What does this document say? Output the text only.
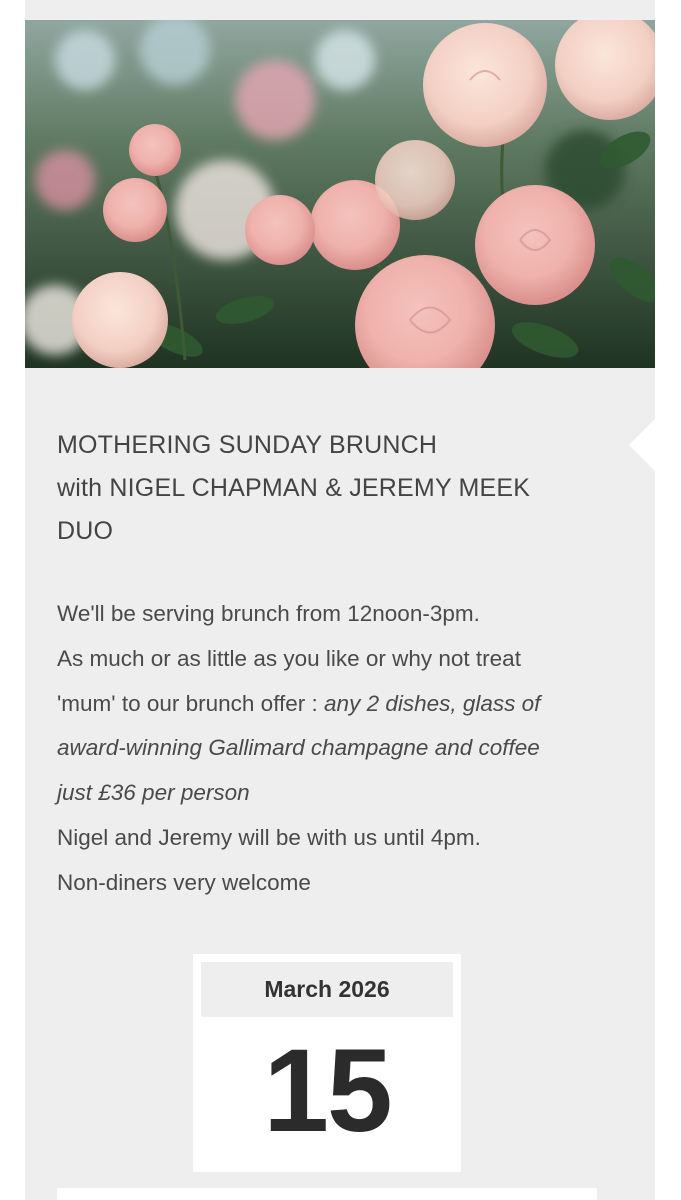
MOTHERING SUNDAY BRUNCH
with NIGEL CHAPMAN & JEREMY MEEK
DUO
We'll be serving brunch from 12noon-3pm.
As much or as little as you like or why not treat
'mum' to our brunch offer : any 2 dishes, glass of
award-winning Gallimard champagne and coffee
just £36 per person
Nigel and Jeremy will be with us until 4pm.
Non-diners very welcome
March 2026
15
